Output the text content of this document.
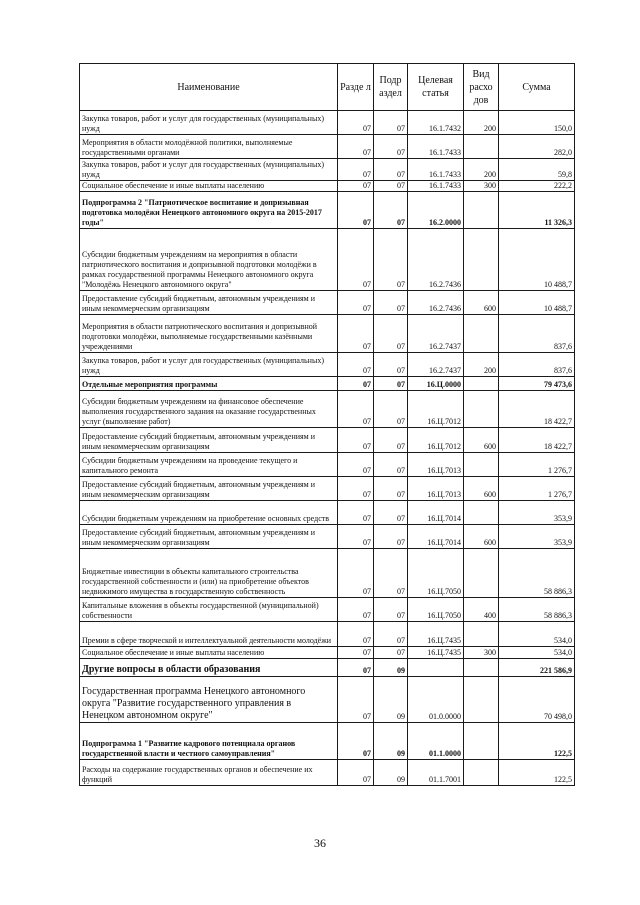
Наименование	Разде л	Подр аздел	Целевая статья	Вид расхо дов	Сумма
Закупка товаров, работ и услуг для государственных (муниципальных) нужд	07	07	16.1.7432	200	150,0
Мероприятия в области молодёжной политики, выполняемые государственными органами	07	07	16.1.7433		282,0
Закупка товаров, работ и услуг для государственных (муниципальных) нужд	07	07	16.1.7433	200	59,8
Социальное обеспечение и иные выплаты населению	07	07	16.1.7433	300	222,2
Подпрограмма 2 "Патриотическое воспитание и допризывная подготовка молодёжи Ненецкого автономного округа на 2015-2017 годы"	07	07	16.2.0000		11 326,3
Субсидии бюджетным учреждениям на мероприятия в области патриотического воспитания и допризывной подготовки молодёжи в рамках государственной программы Ненецкого автономного округа "Молодёжь Ненецкого автономного округа"	07	07	16.2.7436		10 488,7
Предоставление субсидий бюджетным, автономным учреждениям и иным некоммерческим организациям	07	07	16.2.7436	600	10 488,7
Мероприятия в области патриотического воспитания и допризывной подготовки молодёжи, выполняемые государственными казёнными учреждениями	07	07	16.2.7437		837,6
Закупка товаров, работ и услуг для государственных (муниципальных) нужд	07	07	16.2.7437	200	837,6
Отдельные мероприятия программы	07	07	16.Ц.0000		79 473,6
Субсидии бюджетным учреждениям на финансовое обеспечение выполнения государственного задания на оказание государственных услуг (выполнение работ)	07	07	16.Ц.7012		18 422,7
Предоставление субсидий бюджетным, автономным учреждениям и иным некоммерческим организациям	07	07	16.Ц.7012	600	18 422,7
Субсидии бюджетным учреждениям на проведение текущего и капитального ремонта	07	07	16.Ц.7013		1 276,7
Предоставление субсидий бюджетным, автономным учреждениям и иным некоммерческим организациям	07	07	16.Ц.7013	600	1 276,7
Субсидии бюджетным учреждениям на приобретение основных средств	07	07	16.Ц.7014		353,9
Предоставление субсидий бюджетным, автономным учреждениям и иным некоммерческим организациям	07	07	16.Ц.7014	600	353,9
Бюджетные инвестиции в объекты капитального строительства государственной собственности и (или) на приобретение объектов недвижимого имущества в государственную собственность	07	07	16.Ц.7050		58 886,3
Капитальные вложения в объекты государственной (муниципальной) собственности	07	07	16.Ц.7050	400	58 886,3
Премии в сфере творческой и интеллектуальной деятельности молодёжи	07	07	16.Ц.7435		534,0
Социальное обеспечение и иные выплаты населению	07	07	16.Ц.7435	300	534,0
Другие вопросы в области образования	07	09			221 586,9
Государственная программа Ненецкого автономного округа "Развитие государственного управления в Ненецком автономном округе"	07	09	01.0.0000		70 498,0
Подпрограмма 1 "Развитие кадрового потенциала органов государственной власти и честного самоуправления"	07	09	01.1.0000		122,5
Расходы на содержание государственных органов и обеспечение их функций	07	09	01.1.7001		122,5
36
